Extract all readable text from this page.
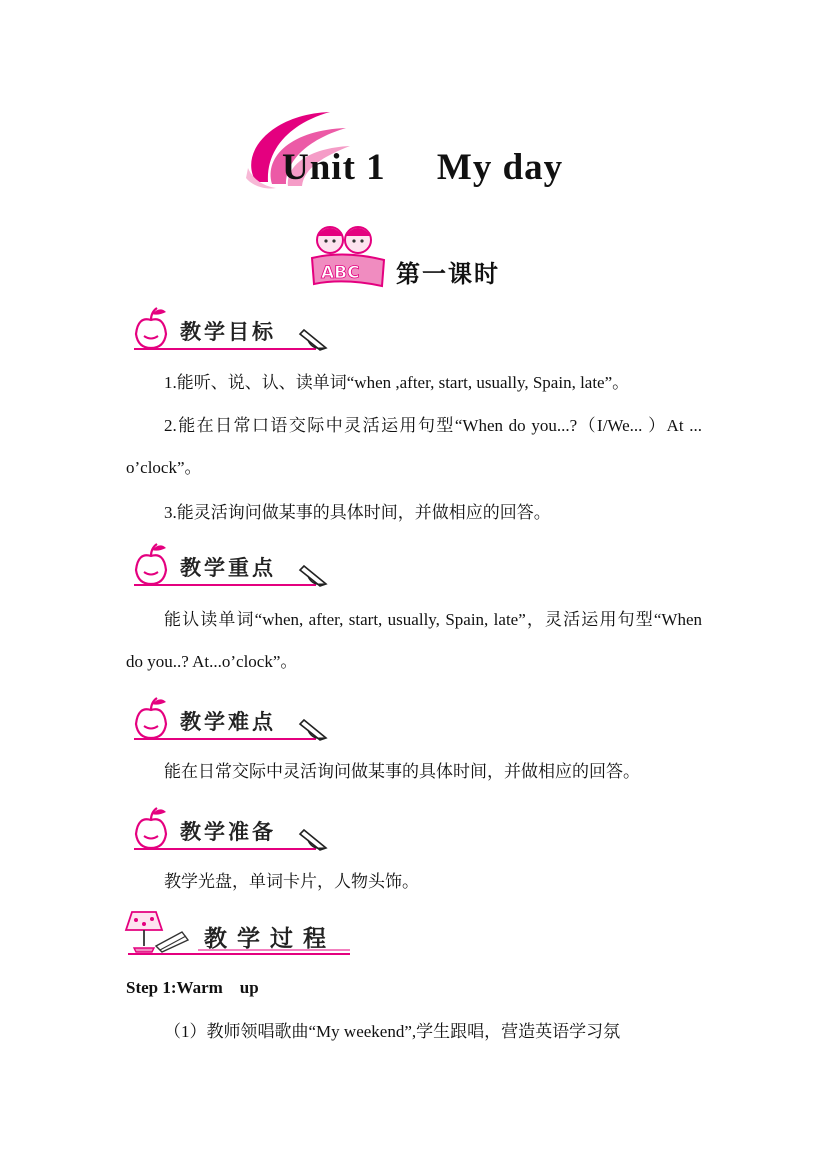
Unit 1     My day
ABC 第一课时
教学目标
1.能听、说、认、读单词“when ,after, start, usually, Spain, late”。
2.能在日常口语交际中灵活运用句型“When do you...?（I/We... ）At ... o’clock”。
3.能灵活询问做某事的具体时间，并做相应的回答。
教学重点
能认读单词“when, after, start, usually, Spain, late”，灵活运用句型“When do you..? At...o’clock”。
教学难点
能在日常交际中灵活询问做某事的具体时间，并做相应的回答。
教学准备
教学光盘，单词卡片，人物头饰。
教 学 过 程
Step 1:Warm    up
（1）教师领唱歌曲“My weekend”,学生跟唱，营造英语学习氛
